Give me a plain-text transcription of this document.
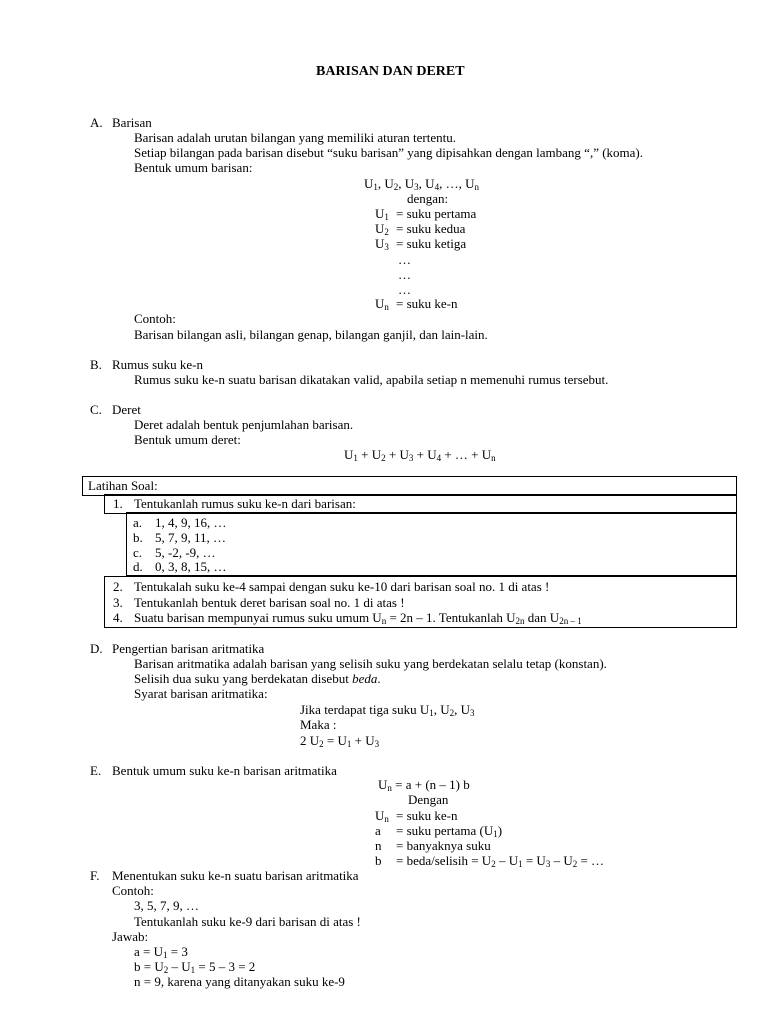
BARISAN DAN DERET
A. Barisan
Barisan adalah urutan bilangan yang memiliki aturan tertentu.
Setiap bilangan pada barisan disebut “suku barisan” yang dipisahkan dengan lambang “,” (koma).
Bentuk umum barisan:
$U_1$, $U_2$, $U_3$, $U_4$, …, $U_n$
dengan:
$U_1$ = suku pertama
$U_2$ = suku kedua
$U_3$ = suku ketiga
…
…
…
$U_n$ = suku ke-n
Contoh:
Barisan bilangan asli, bilangan genap, bilangan ganjil, dan lain-lain.
B. Rumus suku ke-n
Rumus suku ke-n suatu barisan dikatakan valid, apabila setiap n memenuhi rumus tersebut.
C. Deret
Deret adalah bentuk penjumlahan barisan.
Bentuk umum deret:
$U_1 + U_2 + U_3 + U_4$ + … + $U_n$
Latihan Soal:
1. Tentukanlah rumus suku ke-n dari barisan:
a. 1, 4, 9, 16, …
b. 5, 7, 9, 11, …
c. 5, -2, -9, …
d. 0, 3, 8, 15, …
2. Tentukalah suku ke-4 sampai dengan suku ke-10 dari barisan soal no. 1 di atas !
3. Tentukanlah bentuk deret barisan soal no. 1 di atas !
4. Suatu barisan mempunyai rumus suku umum $U_n = 2n - 1$. Tentukanlah $U_{2n}$ dan $U_{2n - 1}$
D. Pengertian barisan aritmatika
Barisan aritmatika adalah barisan yang selisih suku yang berdekatan selalu tetap (konstan).
Selisih dua suku yang berdekatan disebut beda.
Syarat barisan aritmatika:
Jika terdapat tiga suku $U_1$, $U_2$, $U_3$
Maka :
2 $U_2 = U_1 + U_3$
E. Bentuk umum suku ke-n barisan aritmatika
$U_n = a + (n - 1)$ b
Dengan
$U_n$ = suku ke-n
a = suku pertama $(U_1)$
n = banyaknya suku
b = beda/selisih = $U_2 - U_1 = U_3 - U_2$ = …
F. Menentukan suku ke-n suatu barisan aritmatika
Contoh:
3, 5, 7, 9, …
Tentukanlah suku ke-9 dari barisan di atas !
Jawab:
$a = U_1 = 3$
$b = U_2 - U_1 = 5 - 3 = 2$
n = 9, karena yang ditanyakan suku ke-9
